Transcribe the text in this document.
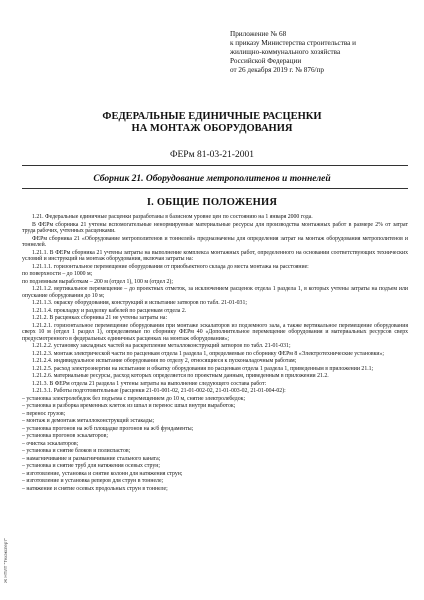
Приложение № 68
к приказу Министерства строительства и
жилищно-коммунального хозяйства
Российской Федерации
от 26 декабря 2019 г. № 876/пр
ФЕДЕРАЛЬНЫЕ ЕДИНИЧНЫЕ РАСЦЕНКИ
НА МОНТАЖ ОБОРУДОВАНИЯ
ФЕРм 81-03-21-2001
Сборник 21. Оборудование метрополитенов и тоннелей
I. ОБЩИЕ ПОЛОЖЕНИЯ
1.21. Федеральные единичные расценки разработаны в базисном уровне цен по состоянию на 1 января 2000 года.
В ФЕРм сборника 21 учтены вспомогательные ненормируемые материальные ресурсы для производства монтажных работ в размере 2% от затрат труда рабочих, учтенных расценками.
ФЕРм сборника 21 «Оборудование метрополитенов и тоннелей» предназначены для определения затрат на монтаж оборудования метрополитенов и тоннелей.
1.21.1. В ФЕРм сборника 21 учтены затраты на выполнение комплекса монтажных работ, определенного на основании соответствующих технических условий и инструкций на монтаж оборудования, включая затраты на:
1.21.1.1. горизонтальное перемещение оборудования от приобъектного склада до места монтажа на расстояние:
по поверхности – до 1000 м;
по подземным выработкам – 200 м (отдел 1), 100 м (отдел 2);
1.21.1.2. вертикальное перемещение – до проектных отметок, за исключением расценок отдела 1 раздела 1, в которых учтены затраты на подъем или опускание оборудования до 10 м;
1.21.1.3. окраску оборудования, конструкций и испытание затворов по табл. 21-01-031;
1.21.1.4. прокладку и разделку кабелей по расценкам отдела 2.
1.21.2. В расценках сборника 21 не учтены затраты на:
1.21.2.1. горизонтальное перемещение оборудования при монтаже эскалаторов из подземного зала, а также вертикальное перемещение оборудования сверх 10 м (отдел 1 раздел 1), определяемые по сборнику ФЕРм 40 «Дополнительное перемещение оборудования и материальных ресурсов сверх предусмотренного в федеральных единичных расценках на монтаж оборудования»;
1.21.2.2. установку закладных частей на раскрепление металлоконструкций затворов по табл. 21-01-031;
1.21.2.3. монтаж электрической части по расценкам отдела 1 раздела 1, определяемые по сборнику ФЕРм 8 «Электротехнические установки»;
1.21.2.4. индивидуальное испытание оборудования по отделу 2, относящиеся к пусконаладочным работам;
1.21.2.5. расход электроэнергии на испытание и обкатку оборудования по расценкам отдела 1 раздела 1, приведенным в приложении 21.1;
1.21.2.6. материальные ресурсы, расход которых определяется по проектным данным, приведенным в приложении 21.2.
1.21.3. В ФЕРм отдела 21 раздела 1 учтены затраты на выполнение следующего состава работ:
1.21.3.1. Работы подготовительные (расценки 21-01-001-02, 21-01-002-02, 21-01-003-02, 21-01-004-02):
– установка электролебедок без подъема с перемещением до 10 м, снятие электролебедок;
– установка и разборка временных клеток из шпал и перенос шпал внутри выработок;
– перенос грузов;
– монтаж и демонтаж металлоконструкций эстакады;
– установка прогонов на ж/б площадке прогонов на ж/б фундаменты;
– установка прогонов эскалаторов;
– очистка эскалаторов;
– установка и снятие блоков и полиспастов;
– намагничивание и размагничивание стального каната;
– установка и снятие труб для натяжения осевых струн;
– изготовление, установка и снятие колонн для натяжения струн;
– изготовление и установка реперов для струн в тоннеле;
– натяжение и снятие осевых продольных струн в тоннеле;
Ж НТИТ "Техэксперт"
